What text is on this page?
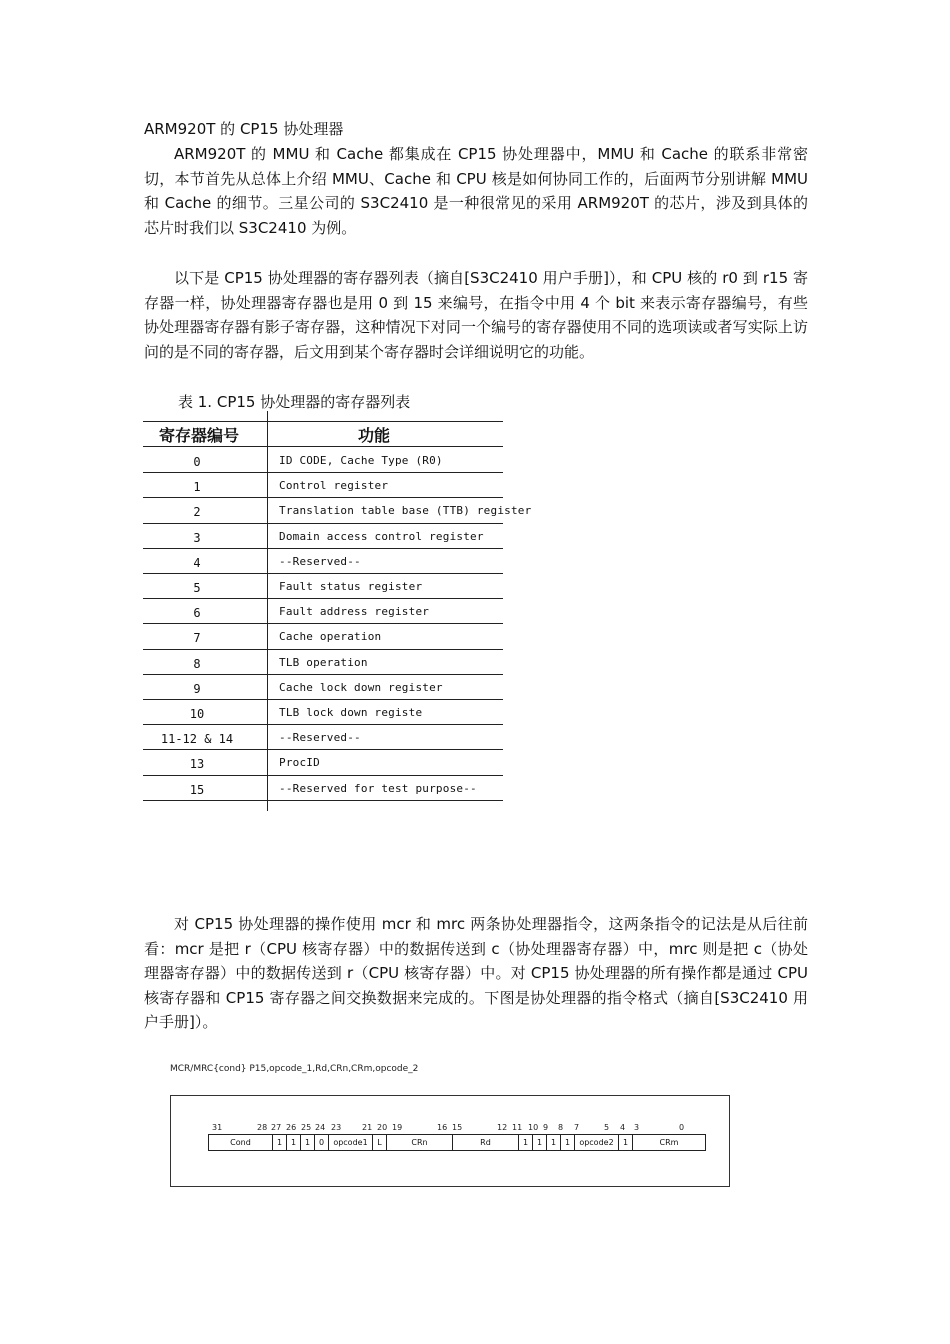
ARM920T 的 CP15 协处理器

ARM920T 的 MMU 和 Cache 都集成在 CP15 协处理器中，MMU 和 Cache 的联系非常密切，本节首先从总体上介绍 MMU、Cache 和 CPU 核是如何协同工作的，后面两节分别讲解 MMU 和 Cache 的细节。三星公司的 S3C2410 是一种很常见的采用 ARM920T 的芯片，涉及到具体的芯片时我们以 S3C2410 为例。

以下是 CP15 协处理器的寄存器列表（摘自[S3C2410 用户手册]），和 CPU 核的 r0 到 r15 寄存器一样，协处理器寄存器也是用 0 到 15 来编号，在指令中用 4 个 bit 来表示寄存器编号，有些协处理器寄存器有影子寄存器，这种情况下对同一个编号的寄存器使用不同的选项读或者写实际上访问的是不同的寄存器，后文用到某个寄存器时会详细说明它的功能。

表 1. CP15 协处理器的寄存器列表
寄存器编号	功能
0	ID CODE, Cache Type (R0)
1	Control register
2	Translation table base (TTB) register
3	Domain access control register
4	--Reserved--
5	Fault status register
6	Fault address register
7	Cache operation
8	TLB operation
9	Cache lock down register
10	TLB lock down registe
11-12 & 14	--Reserved--
13	ProcID
15	--Reserved for test purpose--

对 CP15 协处理器的操作使用 mcr 和 mrc 两条协处理器指令，这两条指令的记法是从后往前看：mcr 是把 r（CPU 核寄存器）中的数据传送到 c（协处理器寄存器）中，mrc 则是把 c（协处理器寄存器）中的数据传送到 r（CPU 核寄存器）中。对 CP15 协处理器的所有操作都是通过 CPU 核寄存器和 CP15 寄存器之间交换数据来完成的。下图是协处理器的指令格式（摘自[S3C2410 用户手册]）。

MCR/MRC{cond} P15,opcode_1,Rd,CRn,CRm,opcode_2
31	28 27 26 25 24 23	21 20 19	16 15	12 11 10 9 8 7	5 4 3	0
Cond	1	1	1	0	opcode1	L	CRn	Rd	1	1	1	1	opcode2	1	CRm
